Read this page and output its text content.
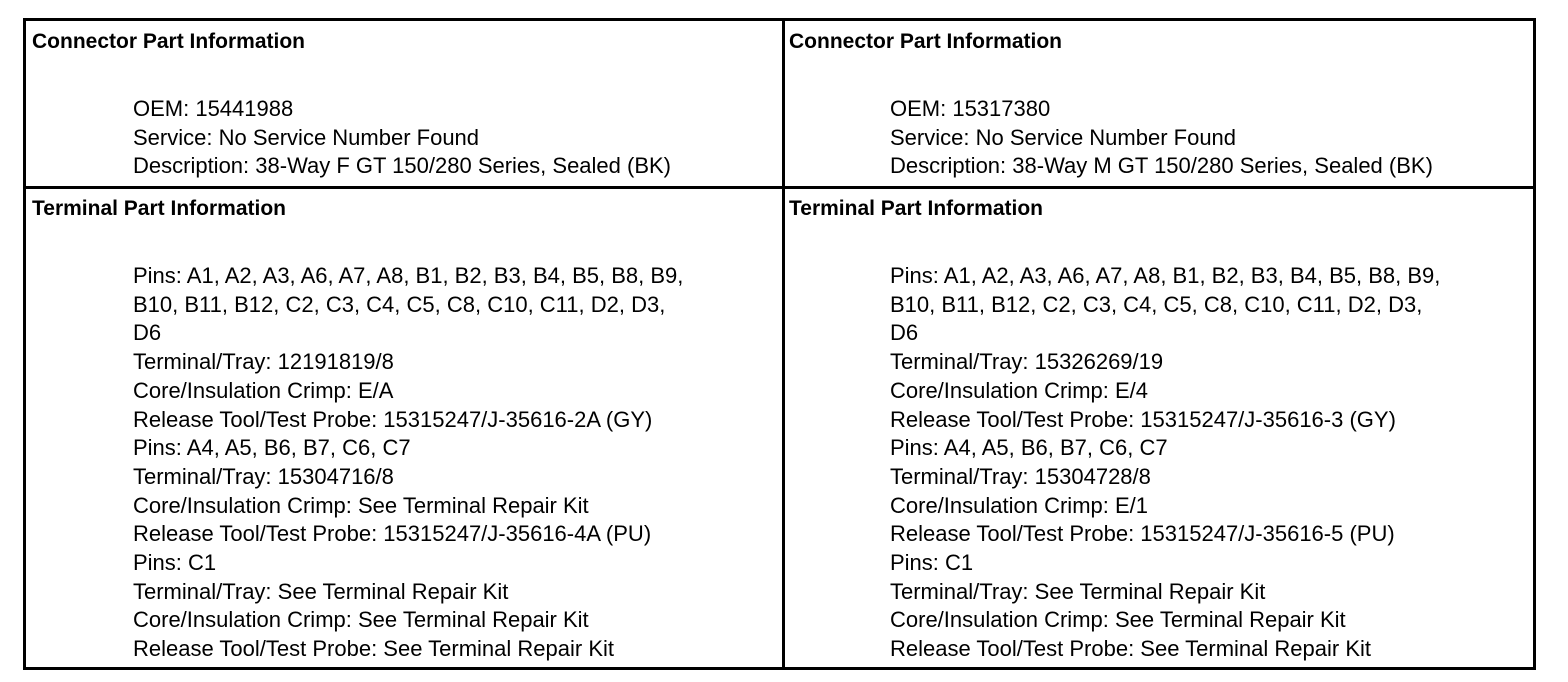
Connector Part Information

OEM: 15441988
Service: No Service Number Found
Description: 38-Way F GT 150/280 Series, Sealed (BK)

Connector Part Information

OEM: 15317380
Service: No Service Number Found
Description: 38-Way M GT 150/280 Series, Sealed (BK)

Terminal Part Information

Pins: A1, A2, A3, A6, A7, A8, B1, B2, B3, B4, B5, B8, B9,
B10, B11, B12, C2, C3, C4, C5, C8, C10, C11, D2, D3,
D6
Terminal/Tray: 12191819/8
Core/Insulation Crimp: E/A
Release Tool/Test Probe: 15315247/J-35616-2A (GY)
Pins: A4, A5, B6, B7, C6, C7
Terminal/Tray: 15304716/8
Core/Insulation Crimp: See Terminal Repair Kit
Release Tool/Test Probe: 15315247/J-35616-4A (PU)
Pins: C1
Terminal/Tray: See Terminal Repair Kit
Core/Insulation Crimp: See Terminal Repair Kit
Release Tool/Test Probe: See Terminal Repair Kit

Terminal Part Information

Pins: A1, A2, A3, A6, A7, A8, B1, B2, B3, B4, B5, B8, B9,
B10, B11, B12, C2, C3, C4, C5, C8, C10, C11, D2, D3,
D6
Terminal/Tray: 15326269/19
Core/Insulation Crimp: E/4
Release Tool/Test Probe: 15315247/J-35616-3 (GY)
Pins: A4, A5, B6, B7, C6, C7
Terminal/Tray: 15304728/8
Core/Insulation Crimp: E/1
Release Tool/Test Probe: 15315247/J-35616-5 (PU)
Pins: C1
Terminal/Tray: See Terminal Repair Kit
Core/Insulation Crimp: See Terminal Repair Kit
Release Tool/Test Probe: See Terminal Repair Kit
